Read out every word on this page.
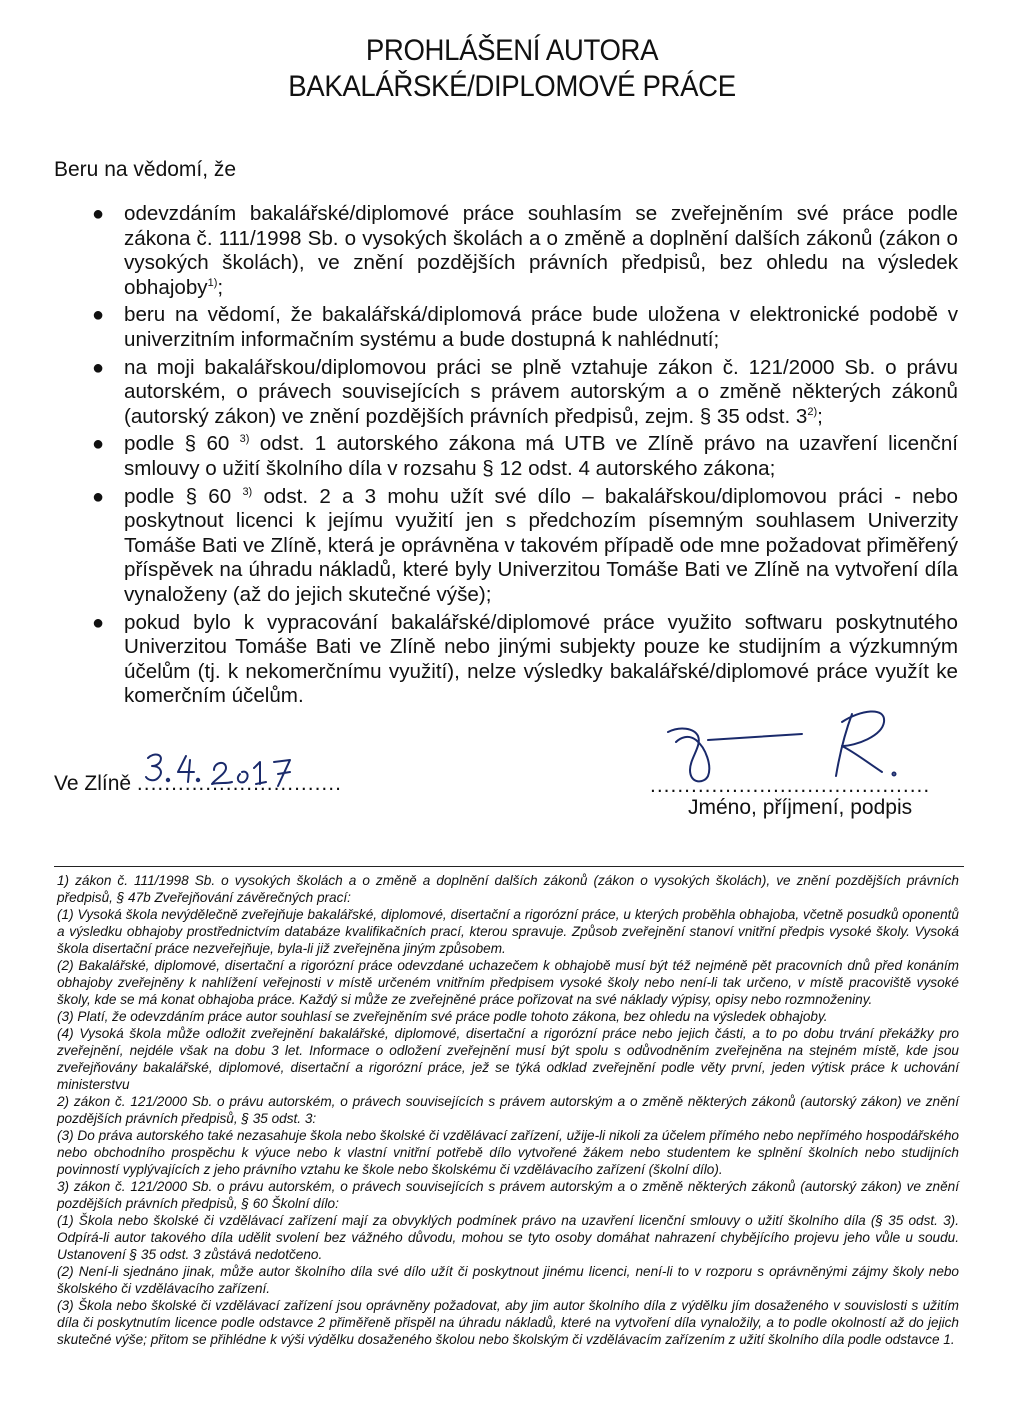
PROHLÁŠENÍ AUTORA
BAKALÁŘSKÉ/DIPLOMOVÉ PRÁCE
Beru na vědomí, že
● odevzdáním bakalářské/diplomové práce souhlasím se zveřejněním své práce podle zákona č. 111/1998 Sb. o vysokých školách a o změně a doplnění dalších zákonů (zákon o vysokých školách), ve znění pozdějších právních předpisů, bez ohledu na výsledek obhajoby$^{1)}$;
● beru na vědomí, že bakalářská/diplomová práce bude uložena v elektronické podobě v univerzitním informačním systému a bude dostupná k nahlédnutí;
● na moji bakalářskou/diplomovou práci se plně vztahuje zákon č. 121/2000 Sb. o právu autorském, o právech souvisejících s právem autorským a o změně některých zákonů (autorský zákon) ve znění pozdějších právních předpisů, zejm. § 35 odst. 3$^{2)}$;
● podle § 60 $^{3)}$ odst. 1 autorského zákona má UTB ve Zlíně právo na uzavření licenční smlouvy o užití školního díla v rozsahu § 12 odst. 4 autorského zákona;
● podle § 60 $^{3)}$ odst. 2 a 3 mohu užít své dílo – bakalářskou/diplomovou práci - nebo poskytnout licenci k jejímu využití jen s předchozím písemným souhlasem Univerzity Tomáše Bati ve Zlíně, která je oprávněna v takovém případě ode mne požadovat přiměřený příspěvek na úhradu nákladů, které byly Univerzitou Tomáše Bati ve Zlíně na vytvoření díla vynaloženy (až do jejich skutečné výše);
● pokud bylo k vypracování bakalářské/diplomové práce využito softwaru poskytnutého Univerzitou Tomáše Bati ve Zlíně nebo jinými subjekty pouze ke studijním a výzkumným účelům (tj. k nekomerčnímu využití), nelze výsledky bakalářské/diplomové práce využít ke komerčním účelům.
Ve Zlíně ..............................	.........................................
Jméno, příjmení, podpis

1) zákon č. 111/1998 Sb. o vysokých školách a o změně a doplnění dalších zákonů (zákon o vysokých školách), ve znění pozdějších právních předpisů, § 47b Zveřejňování závěrečných prací:

(1) Vysoká škola nevýdělečně zveřejňuje bakalářské, diplomové, disertační a rigorózní práce, u kterých proběhla obhajoba, včetně posudků oponentů a výsledku obhajoby prostřednictvím databáze kvalifikačních prací, kterou spravuje. Způsob zveřejnění stanoví vnitřní předpis vysoké školy. Vysoká škola disertační práce nezveřejňuje, byla-li již zveřejněna jiným způsobem.

(2) Bakalářské, diplomové, disertační a rigorózní práce odevzdané uchazečem k obhajobě musí být též nejméně pět pracovních dnů před konáním obhajoby zveřejněny k nahlížení veřejnosti v místě určeném vnitřním předpisem vysoké školy nebo není-li tak určeno, v místě pracoviště vysoké školy, kde se má konat obhajoba práce. Každý si může ze zveřejněné práce pořizovat na své náklady výpisy, opisy nebo rozmnoženiny.

(3) Platí, že odevzdáním práce autor souhlasí se zveřejněním své práce podle tohoto zákona, bez ohledu na výsledek obhajoby.

(4) Vysoká škola může odložit zveřejnění bakalářské, diplomové, disertační a rigorózní práce nebo jejich části, a to po dobu trvání překážky pro zveřejnění, nejdéle však na dobu 3 let. Informace o odložení zveřejnění musí být spolu s odůvodněním zveřejněna na stejném místě, kde jsou zveřejňovány bakalářské, diplomové, disertační a rigorózní práce, jež se týká odklad zveřejnění podle věty první, jeden výtisk práce k uchování ministerstvu

2) zákon č. 121/2000 Sb. o právu autorském, o právech souvisejících s právem autorským a o změně některých zákonů (autorský zákon) ve znění pozdějších právních předpisů, § 35 odst. 3:

(3) Do práva autorského také nezasahuje škola nebo školské či vzdělávací zařízení, užije-li nikoli za účelem přímého nebo nepřímého hospodářského nebo obchodního prospěchu k výuce nebo k vlastní vnitřní potřebě dílo vytvořené žákem nebo studentem ke splnění školních nebo studijních povinností vyplývajících z jeho právního vztahu ke škole nebo školskému či vzdělávacího zařízení (školní dílo).

3) zákon č. 121/2000 Sb. o právu autorském, o právech souvisejících s právem autorským a o změně některých zákonů (autorský zákon) ve znění pozdějších právních předpisů, § 60 Školní dílo:

(1) Škola nebo školské či vzdělávací zařízení mají za obvyklých podmínek právo na uzavření licenční smlouvy o užití školního díla (§ 35 odst. 3). Odpírá-li autor takového díla udělit svolení bez vážného důvodu, mohou se tyto osoby domáhat nahrazení chybějícího projevu jeho vůle u soudu. Ustanovení § 35 odst. 3 zůstává nedotčeno.

(2) Není-li sjednáno jinak, může autor školního díla své dílo užít či poskytnout jinému licenci, není-li to v rozporu s oprávněnými zájmy školy nebo školského či vzdělávacího zařízení.

(3) Škola nebo školské či vzdělávací zařízení jsou oprávněny požadovat, aby jim autor školního díla z výdělku jím dosaženého v souvislosti s užitím díla či poskytnutím licence podle odstavce 2 přiměřeně přispěl na úhradu nákladů, které na vytvoření díla vynaložily, a to podle okolností až do jejich skutečné výše; přitom se přihlédne k výši výdělku dosaženého školou nebo školským či vzdělávacím zařízením z užití školního díla podle odstavce 1.
